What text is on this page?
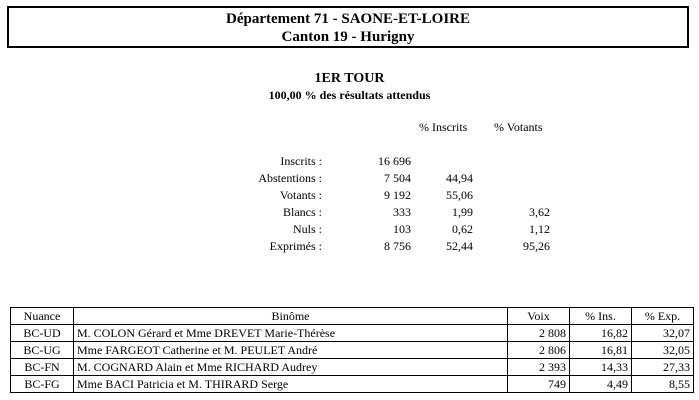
Département 71 - SAONE-ET-LOIRE
Canton 19 - Hurigny
1ER TOUR
100,00 % des résultats attendus
% Inscrits % Votants
Inscrits :	16 696
Abstentions :	7 504	44,94
Votants :	9 192	55,06
Blancs :	333	1,99	3,62
Nuls :	103	0,62	1,12
Exprimés :	8 756	52,44	95,26
Nuance	Binôme	Voix	% Ins.	% Exp.
BC-UD	M. COLON Gérard et Mme DREVET Marie-Thérèse	2 808	16,82	32,07
BC-UG	Mme FARGEOT Catherine et M. PEULET André	2 806	16,81	32,05
BC-FN	M. COGNARD Alain et Mme RICHARD Audrey	2 393	14,33	27,33
BC-FG	Mme BACI Patricia et M. THIRARD Serge	749	4,49	8,55
